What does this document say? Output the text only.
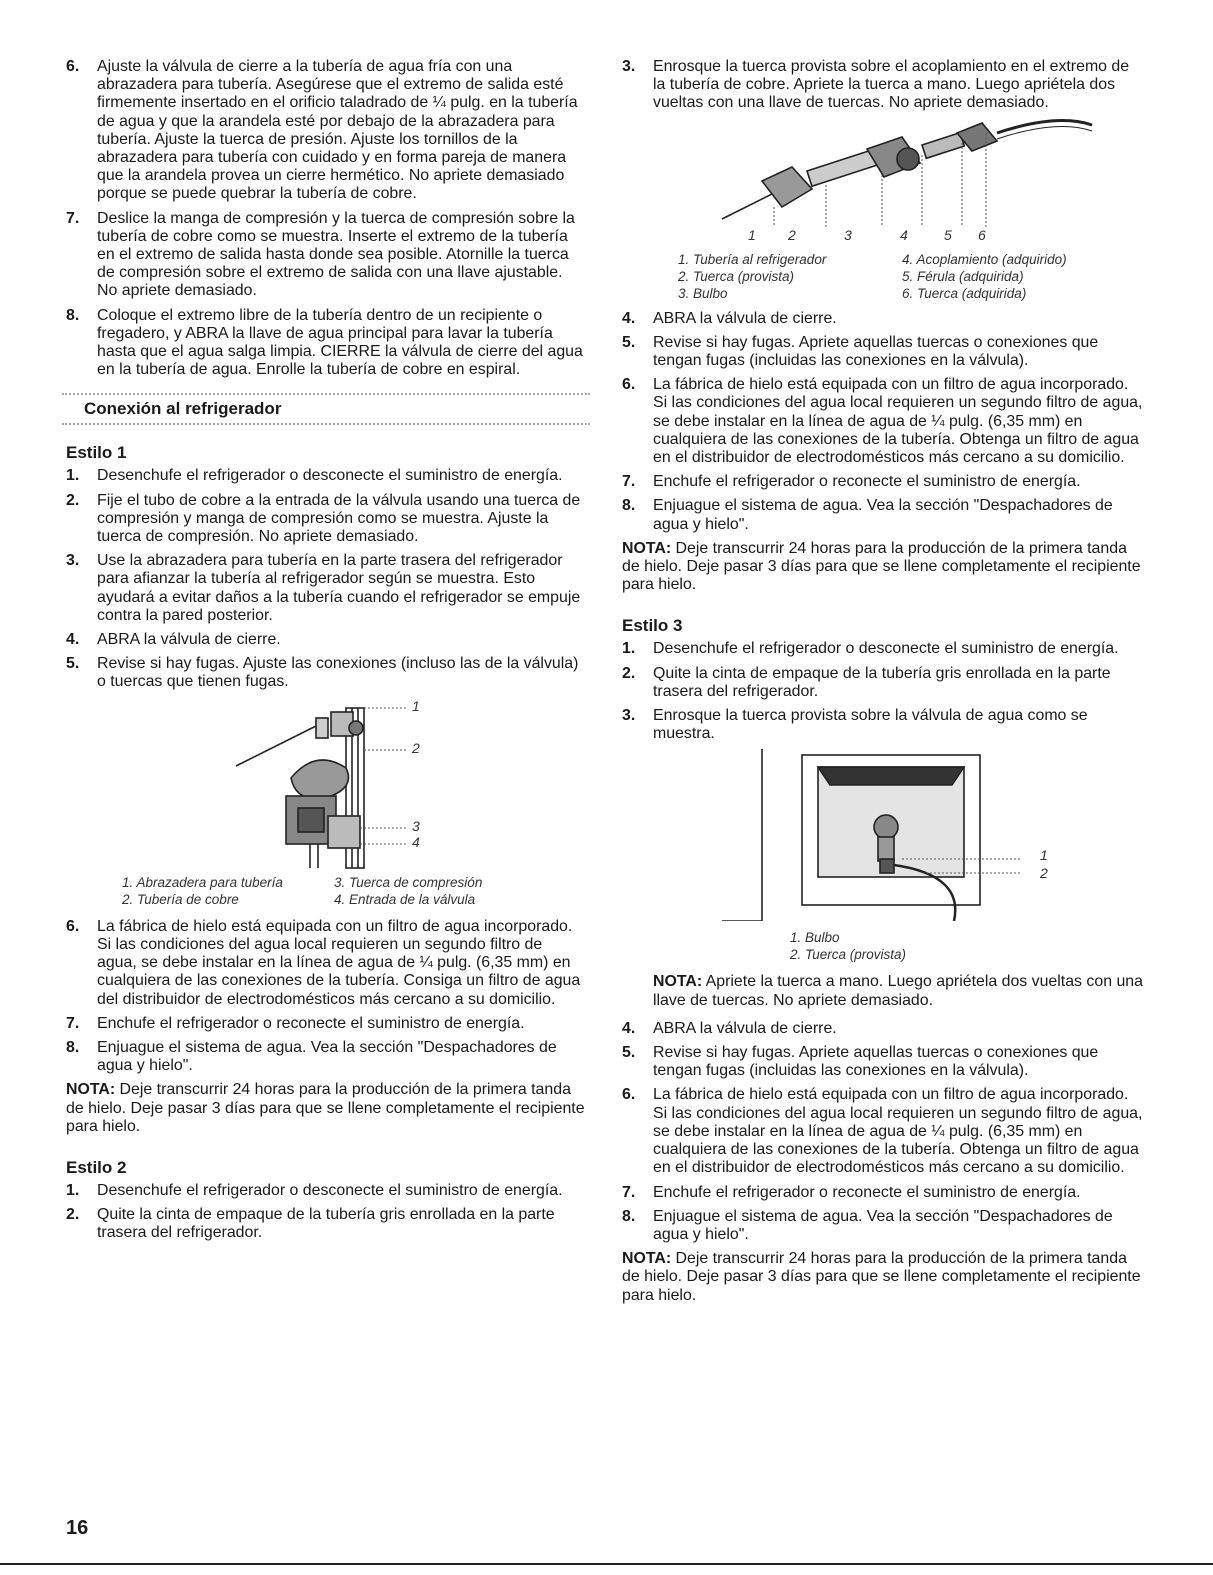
6. Ajuste la válvula de cierre a la tubería de agua fría con una abrazadera para tubería. Asegúrese que el extremo de salida esté firmemente insertado en el orificio taladrado de ¼ pulg. en la tubería de agua y que la arandela esté por debajo de la abrazadera para tubería. Ajuste la tuerca de presión. Ajuste los tornillos de la abrazadera para tubería con cuidado y en forma pareja de manera que la arandela provea un cierre hermético. No apriete demasiado porque se puede quebrar la tubería de cobre.
7. Deslice la manga de compresión y la tuerca de compresión sobre la tubería de cobre como se muestra. Inserte el extremo de la tubería en el extremo de salida hasta donde sea posible. Atornille la tuerca de compresión sobre el extremo de salida con una llave ajustable. No apriete demasiado.
8. Coloque el extremo libre de la tubería dentro de un recipiente o fregadero, y ABRA la llave de agua principal para lavar la tubería hasta que el agua salga limpia. CIERRE la válvula de cierre del agua en la tubería de agua. Enrolle la tubería de cobre en espiral.
Conexión al refrigerador
Estilo 1
1. Desenchufe el refrigerador o desconecte el suministro de energía.
2. Fije el tubo de cobre a la entrada de la válvula usando una tuerca de compresión y manga de compresión como se muestra. Ajuste la tuerca de compresión. No apriete demasiado.
3. Use la abrazadera para tubería en la parte trasera del refrigerador para afianzar la tubería al refrigerador según se muestra. Esto ayudará a evitar daños a la tubería cuando el refrigerador se empuje contra la pared posterior.
4. ABRA la válvula de cierre.
5. Revise si hay fugas. Ajuste las conexiones (incluso las de la válvula) o tuercas que tienen fugas.
1
2
3
4
1. Abrazadera para tubería	3. Tuerca de compresión
2. Tubería de cobre	4. Entrada de la válvula
6. La fábrica de hielo está equipada con un filtro de agua incorporado. Si las condiciones del agua local requieren un segundo filtro de agua, se debe instalar en la línea de agua de ¼ pulg. (6,35 mm) en cualquiera de las conexiones de la tubería. Consiga un filtro de agua del distribuidor de electrodomésticos más cercano a su domicilio.
7. Enchufe el refrigerador o reconecte el suministro de energía.
8. Enjuague el sistema de agua. Vea la sección "Despachadores de agua y hielo".

NOTA: Deje transcurrir 24 horas para la producción de la primera tanda de hielo. Deje pasar 3 días para que se llene completamente el recipiente para hielo.

Estilo 2
1. Desenchufe el refrigerador o desconecte el suministro de energía.
2. Quite la cinta de empaque de la tubería gris enrollada en la parte trasera del refrigerador.
3. Enrosque la tuerca provista sobre el acoplamiento en el extremo de la tubería de cobre. Apriete la tuerca a mano. Luego apriétela dos vueltas con una llave de tuercas. No apriete demasiado.
1 2	3	4	5 6
1. Tubería al refrigerador	4. Acoplamiento (adquirido)
2. Tuerca (provista)	5. Férula (adquirida)
3. Bulbo	6. Tuerca (adquirida)
4. ABRA la válvula de cierre.
5. Revise si hay fugas. Apriete aquellas tuercas o conexiones que tengan fugas (incluidas las conexiones en la válvula).
6. La fábrica de hielo está equipada con un filtro de agua incorporado. Si las condiciones del agua local requieren un segundo filtro de agua, se debe instalar en la línea de agua de ¼ pulg. (6,35 mm) en cualquiera de las conexiones de la tubería. Obtenga un filtro de agua en el distribuidor de electrodomésticos más cercano a su domicilio.
7. Enchufe el refrigerador o reconecte el suministro de energía.
8. Enjuague el sistema de agua. Vea la sección "Despachadores de agua y hielo".

NOTA: Deje transcurrir 24 horas para la producción de la primera tanda de hielo. Deje pasar 3 días para que se llene completamente el recipiente para hielo.

Estilo 3
1. Desenchufe el refrigerador o desconecte el suministro de energía.
2. Quite la cinta de empaque de la tubería gris enrollada en la parte trasera del refrigerador.
3. Enrosque la tuerca provista sobre la válvula de agua como se muestra.
1
2
1. Bulbo
2. Tuerca (provista)

NOTA: Apriete la tuerca a mano. Luego apriétela dos vueltas con una llave de tuercas. No apriete demasiado.

4. ABRA la válvula de cierre.
5. Revise si hay fugas. Apriete aquellas tuercas o conexiones que tengan fugas (incluidas las conexiones en la válvula).
6. La fábrica de hielo está equipada con un filtro de agua incorporado. Si las condiciones del agua local requieren un segundo filtro de agua, se debe instalar en la línea de agua de ¼ pulg. (6,35 mm) en cualquiera de las conexiones de la tubería. Obtenga un filtro de agua en el distribuidor de electrodomésticos más cercano a su domicilio.
7. Enchufe el refrigerador o reconecte el suministro de energía.
8. Enjuague el sistema de agua. Vea la sección "Despachadores de agua y hielo".

NOTA: Deje transcurrir 24 horas para la producción de la primera tanda de hielo. Deje pasar 3 días para que se llene completamente el recipiente para hielo.

16
